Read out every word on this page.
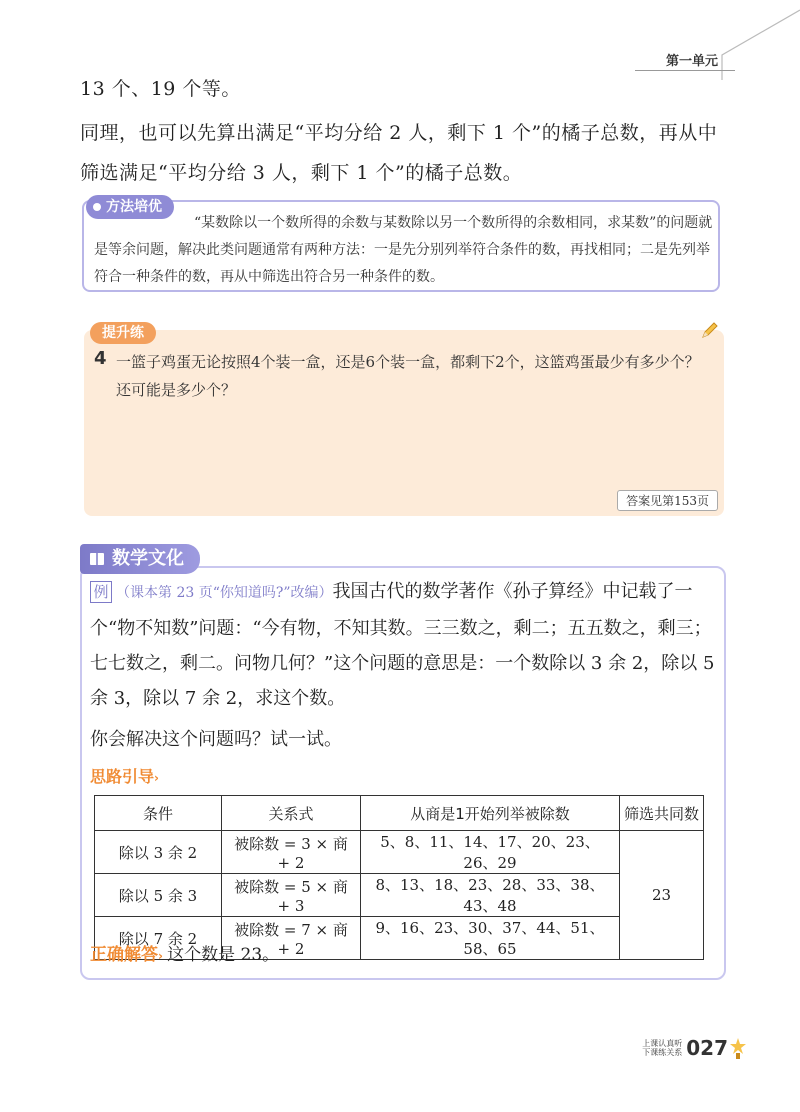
第一单元
13 个、19 个等。
同理，也可以先算出满足“平均分给 2 人，剩下 1 个”的橘子总数，再从中筛选满足“平均分给 3 人，剩下 1 个”的橘子总数。
方法培优
“某数除以一个数所得的余数与某数除以另一个数所得的余数相同，求某数”的问题就是等余问题，解决此类问题通常有两种方法：一是先分别列举符合条件的数，再找相同；二是先列举符合一种条件的数，再从中筛选出符合另一种条件的数。
提升练
4 一篮子鸡蛋无论按照4个装一盒，还是6个装一盒，都剩下2个，这篮鸡蛋最少有多少个？还可能是多少个？
答案见第153页
数学文化
例 （课本第 23 页“你知道吗?”改编）我国古代的数学著作《孙子算经》中记载了一个“物不知数”问题：“今有物，不知其数。三三数之，剩二；五五数之，剩三；七七数之，剩二。问物几何？”这个问题的意思是：一个数除以 3 余 2，除以 5 余 3，除以 7 余 2，求这个数。
你会解决这个问题吗？试一试。
思路引导›
条件	关系式	从商是1开始列举被除数	筛选共同数
除以 3 余 2	被除数 = 3 × 商 + 2	5、8、11、14、17、20、23、26、29	23
除以 5 余 3	被除数 = 5 × 商 + 3	8、13、18、23、28、33、38、43、48	
除以 7 余 2	被除数 = 7 × 商 + 2	9、16、23、30、37、44、51、58、65	
正确解答› 这个数是 23。
上课认真听
下课练关系 027
